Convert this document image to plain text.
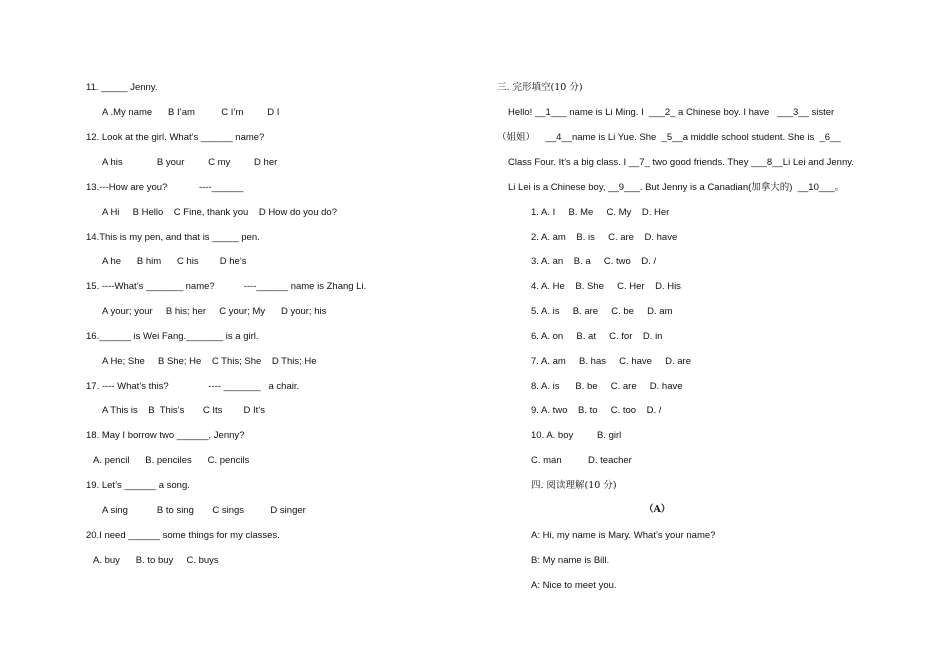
11. _____ Jenny.
A .My name      B I’am          C I’m         D I
12. Look at the girl. What’s ______ name?
A his             B your         C my         D her
13.---How are you?            ----______
A Hi     B Hello    C Fine, thank you    D How do you do?
14.This is my pen, and that is _____ pen.
A he      B him      C his        D he’s
15. ----What’s _______ name?           ----______ name is Zhang Li.
A your; your     B his; her     C your; My      D your; his
16.______ is Wei Fang._______ is a girl.
A He; She     B She; He    C This; She    D This; He
17. ---- What’s this?               ---- _______   a chair.
A This is    B  This’s       C Its        D It’s
18. May I borrow two ______, Jenny?
A. pencil      B. penciles      C. pencils
19. Let’s ______ a song.
A sing           B to sing       C sings          D singer
20.I need ______ some things for my classes.
A. buy      B. to buy     C. buys
三. 完形填空(10 分)
Hello! __1___ name is Li Ming. I  ___2_ a Chinese boy. I have   ___3__ sister
（姐姐）    __4__name is Li Yue. She  _5__a middle school student. She is  _6__
Class Four. It’s a big class. I __7_ two good friends. They ___8__Li Lei and Jenny.
Li Lei is a Chinese boy, __9___. But Jenny is a Canadian(加拿大的)  __10___。
1. A. I     B. Me     C. My    D. Her
2. A. am    B. is     C. are    D. have
3. A. an    B. a     C. two    D. /
4. A. He    B. She     C. Her    D. His
5. A. is     B. are     C. be     D. am
6. A. on     B. at     C. for    D. in
7. A. am     B. has     C. have     D. are
8. A. is      B. be     C. are     D. have
9. A. two    B. to     C. too    D. /
10. A. boy         B. girl
C. man          D. teacher
四. 阅读理解(10 分)
（A）
A: Hi, my name is Mary. What’s your name?
B: My name is Bill.
A: Nice to meet you.
